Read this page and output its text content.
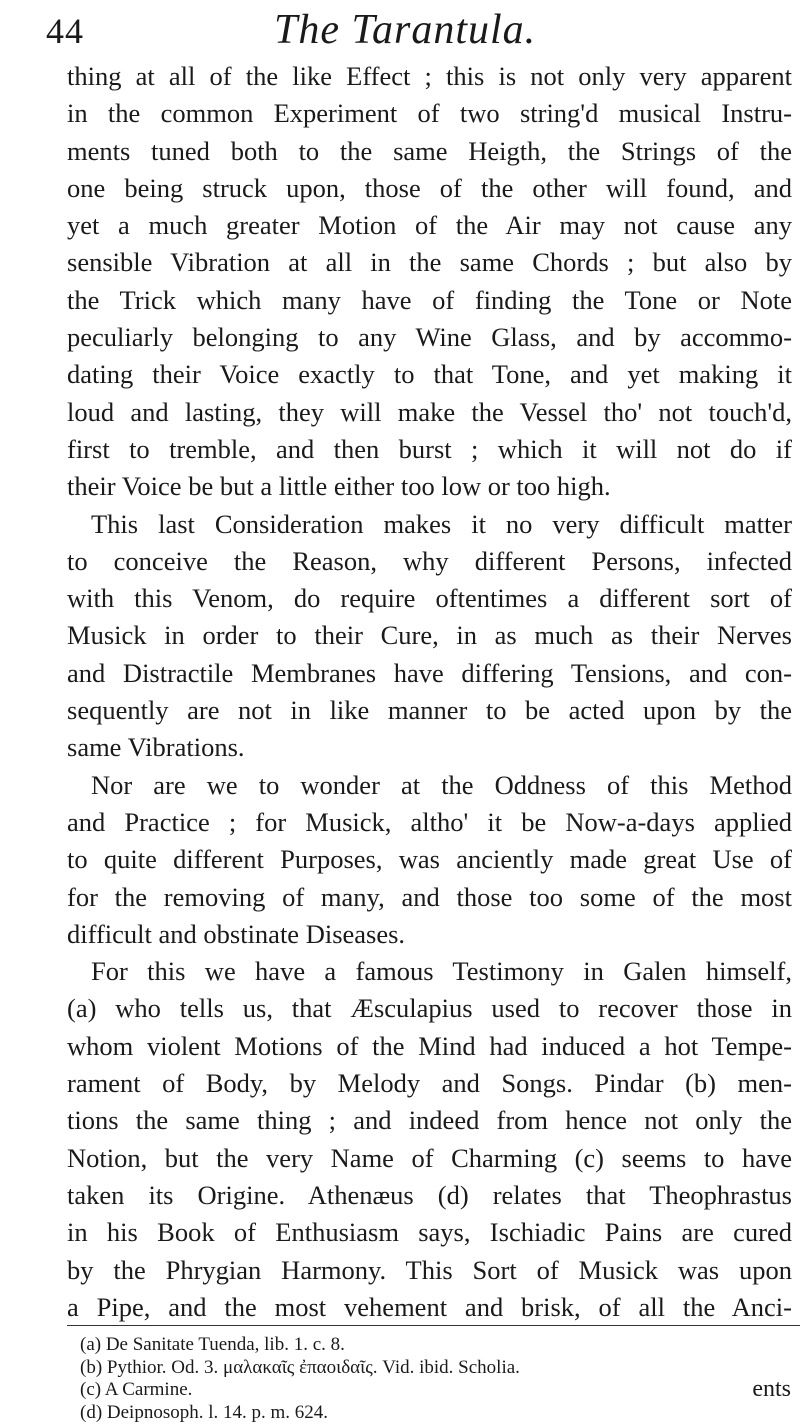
44	The Tarantula.
thing at all of the like Effect ; this is not only very apparent
in the common Experiment of two string'd musical Instru-
ments tuned both to the same Heigth, the Strings of the
one being struck upon, those of the other will found, and
yet a much greater Motion of the Air may not cause any
sensible Vibration at all in the same Chords ; but also by
the Trick which many have of finding the Tone or Note
peculiarly belonging to any Wine Glass, and by accommo-
dating their Voice exactly to that Tone, and yet making it
loud and lasting, they will make the Vessel tho' not touch'd,
first to tremble, and then burst ; which it will not do if
their Voice be but a little either too low or too high.
This last Consideration makes it no very difficult matter
to conceive the Reason, why different Persons, infected
with this Venom, do require oftentimes a different sort of
Musick in order to their Cure, in as much as their Nerves
and Distractile Membranes have differing Tensions, and con-
sequently are not in like manner to be acted upon by the
same Vibrations.
Nor are we to wonder at the Oddness of this Method
and Practice ; for Musick, altho' it be Now-a-days applied
to quite different Purposes, was anciently made great Use of
for the removing of many, and those too some of the most
difficult and obstinate Diseases.
For this we have a famous Testimony in Galen himself,
(a) who tells us, that Æsculapius used to recover those in
whom violent Motions of the Mind had induced a hot Tempe-
rament of Body, by Melody and Songs. Pindar (b) men-
tions the same thing ; and indeed from hence not only the
Notion, but the very Name of Charming (c) seems to have
taken its Origine. Athenæus (d) relates that Theophrastus
in his Book of Enthusiasm says, Ischiadic Pains are cured
by the Phrygian Harmony. This Sort of Musick was upon
a Pipe, and the most vehement and brisk, of all the Anci-
(a) De Sanitate Tuenda, lib. 1. c. 8.
(b) Pythior. Od. 3. μαλακαῖς ἐπαοιδαῖς. Vid. ibid. Scholia.
(c) A Carmine.
(d) Deipnosoph. l. 14. p. m. 624.
ents
